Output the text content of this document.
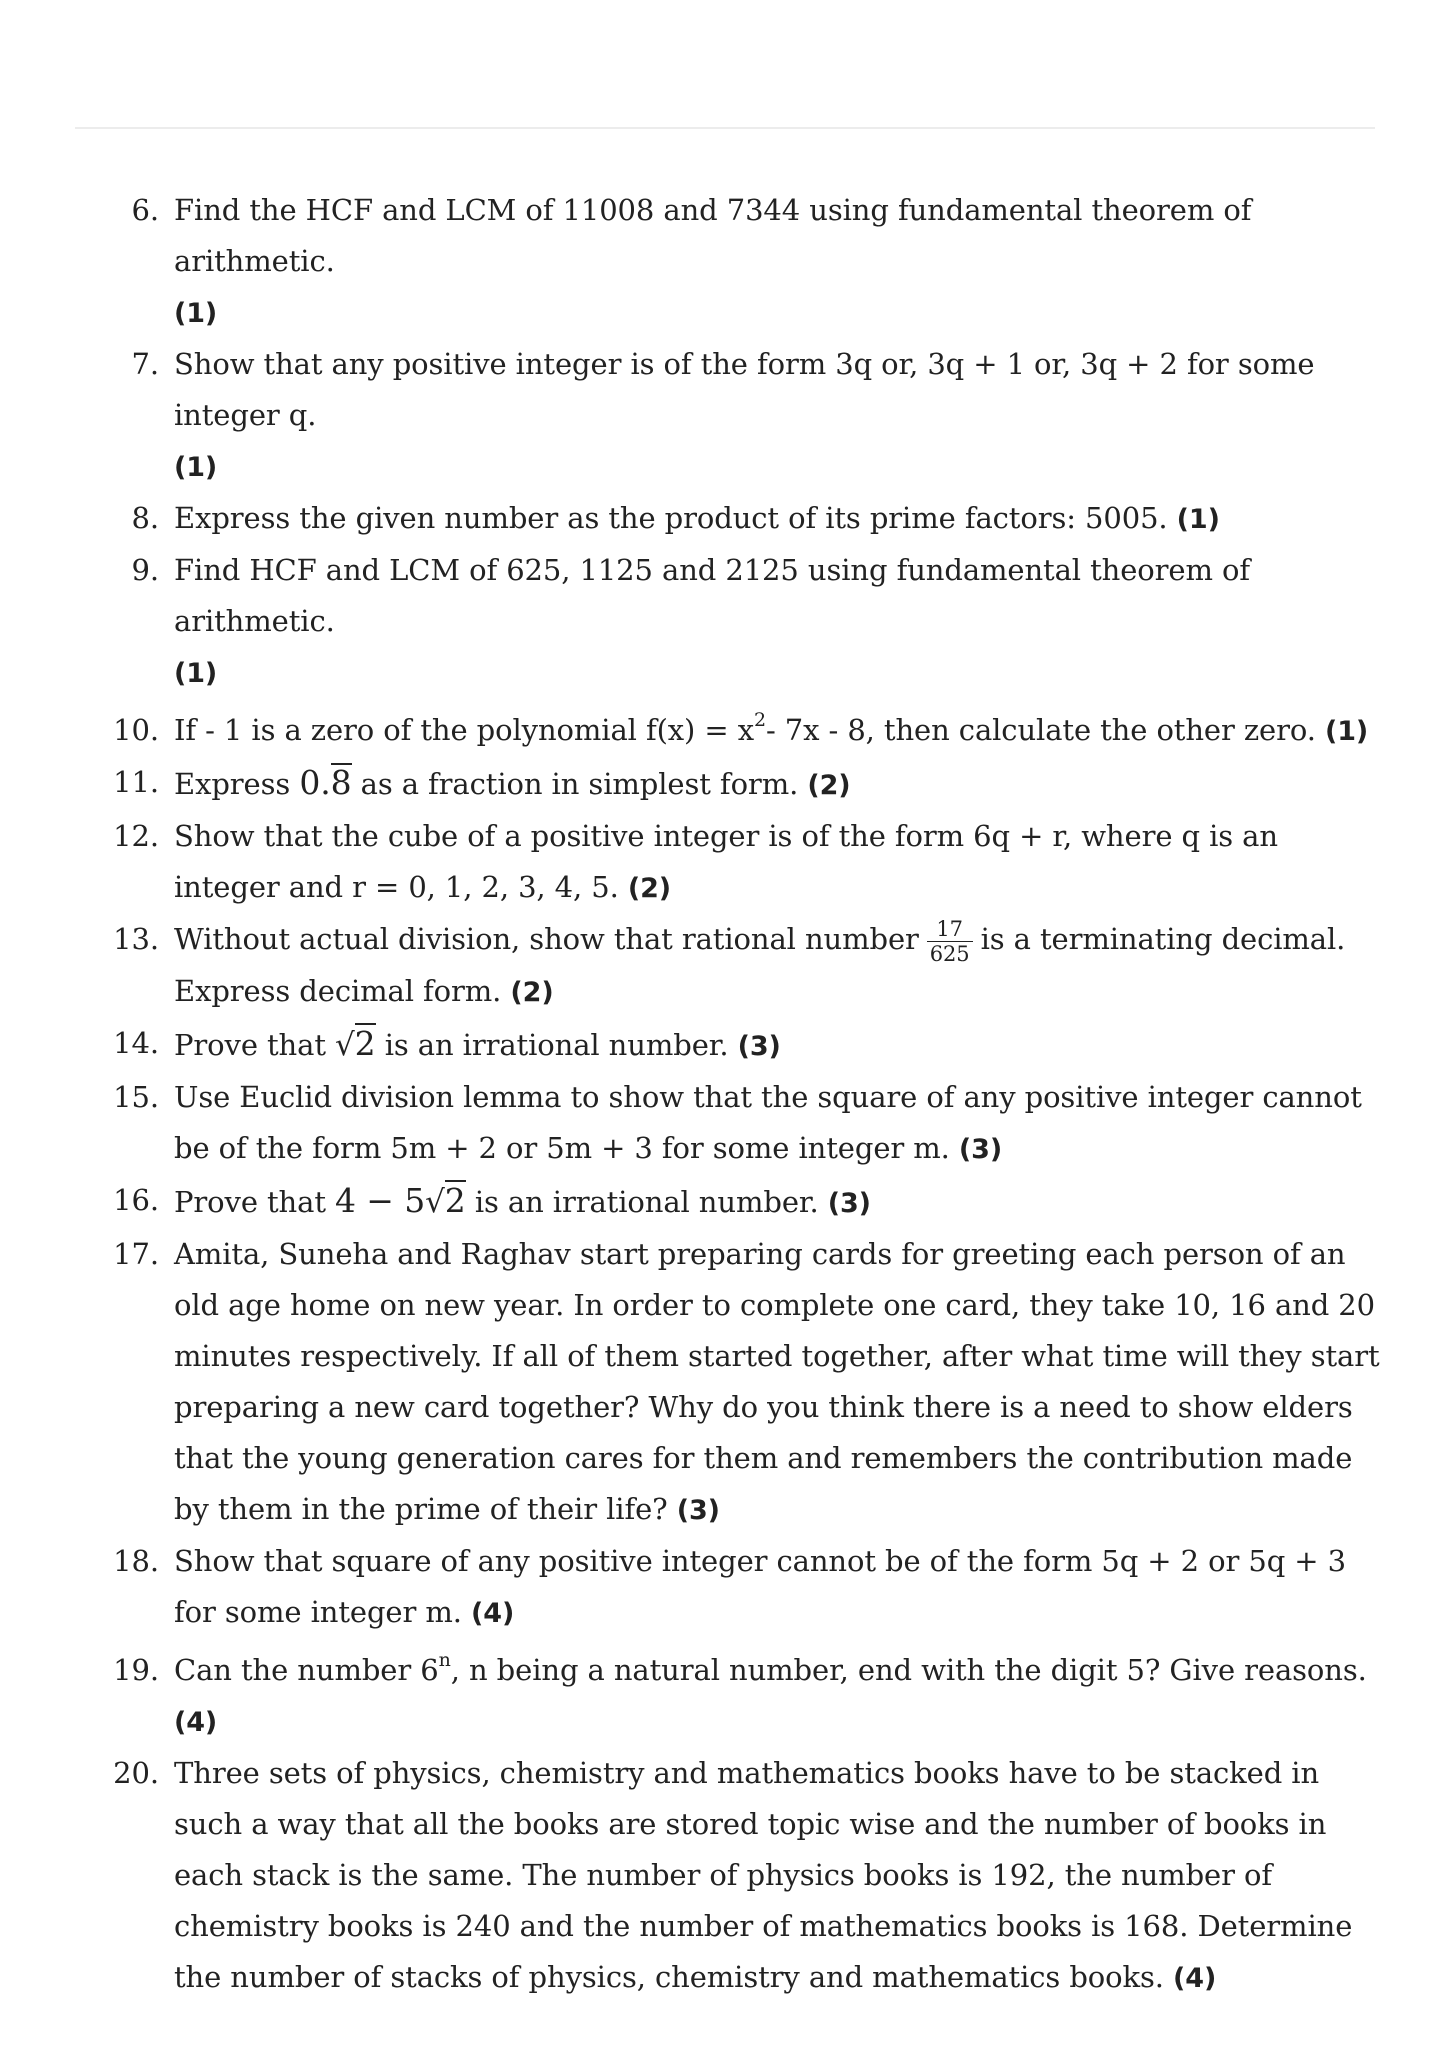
6. Find the HCF and LCM of 11008 and 7344 using fundamental theorem of arithmetic.
(1)
7. Show that any positive integer is of the form 3q or, 3q + 1 or, 3q + 2 for some integer q.
(1)
8. Express the given number as the product of its prime factors: 5005. (1)
9. Find HCF and LCM of 625, 1125 and 2125 using fundamental theorem of arithmetic.
(1)
10. If - 1 is a zero of the polynomial $f(x) = x^2-$ 7x - 8, then calculate the other zero. (1)
11. Express 0.8 as a fraction in simplest form. (2)
12. Show that the cube of a positive integer is of the form 6q + r, where q is an integer and r = 0, 1, 2, 3, 4, 5. (2)
13. Without actual division, show that rational number $\frac{17}{625}$ is a terminating decimal. Express decimal form. (2)
14. Prove that √2 is an irrational number. (3)
15. Use Euclid division lemma to show that the square of any positive integer cannot be of the form 5m + 2 or 5m + 3 for some integer m. (3)
16. Prove that 4 − 5√2 is an irrational number. (3)
17. Amita, Suneha and Raghav start preparing cards for greeting each person of an old age home on new year. In order to complete one card, they take 10, 16 and 20 minutes respectively. If all of them started together, after what time will they start preparing a new card together? Why do you think there is a need to show elders that the young generation cares for them and remembers the contribution made by them in the prime of their life? (3)
18. Show that square of any positive integer cannot be of the form 5q + 2 or 5q + 3 for some integer m. (4)
19. Can the number 6$^n$, n being a natural number, end with the digit 5? Give reasons. (4)
20. Three sets of physics, chemistry and mathematics books have to be stacked in such a way that all the books are stored topic wise and the number of books in each stack is the same. The number of physics books is 192, the number of chemistry books is 240 and the number of mathematics books is 168. Determine the number of stacks of physics, chemistry and mathematics books. (4)
